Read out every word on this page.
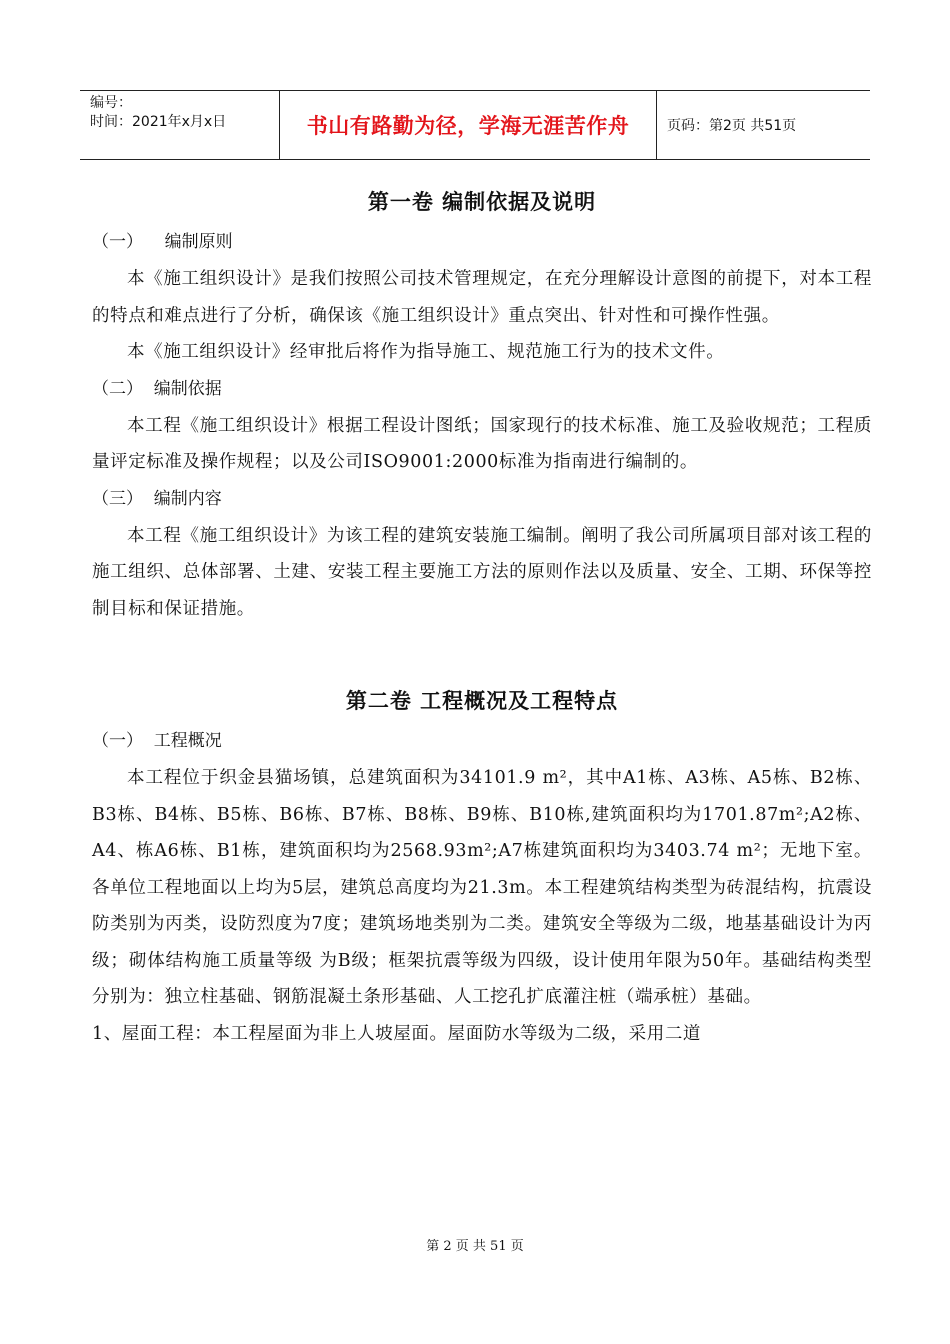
编号：
时间：2021年x月x日	书山有路勤为径，学海无涯苦作舟	页码：第2页 共51页
第一卷 编制依据及说明

（一）    编制原则

本《施工组织设计》是我们按照公司技术管理规定，在充分理解设计意图的前提下，对本工程的特点和难点进行了分析，确保该《施工组织设计》重点突出、针对性和可操作性强。

本《施工组织设计》经审批后将作为指导施工、规范施工行为的技术文件。

（二）  编制依据

本工程《施工组织设计》根据工程设计图纸；国家现行的技术标准、施工及验收规范；工程质量评定标准及操作规程；以及公司ISO9001:2000标准为指南进行编制的。

（三）  编制内容

本工程《施工组织设计》为该工程的建筑安装施工编制。阐明了我公司所属项目部对该工程的施工组织、总体部署、土建、安装工程主要施工方法的原则作法以及质量、安全、工期、环保等控制目标和保证措施。

第二卷 工程概况及工程特点

（一）  工程概况

本工程位于织金县猫场镇，总建筑面积为34101.9 m²，其中A1栋、A3栋、A5栋、B2栋、B3栋、B4栋、B5栋、B6栋、B7栋、B8栋、B9栋、B10栋,建筑面积均为1701.87m²;A2栋、A4、栋A6栋、B1栋，建筑面积均为2568.93m²;A7栋建筑面积均为3403.74 m²；无地下室。各单位工程地面以上均为5层，建筑总高度均为21.3m。本工程建筑结构类型为砖混结构，抗震设防类别为丙类，设防烈度为7度；建筑场地类别为二类。建筑安全等级为二级，地基基础设计为丙级；砌体结构施工质量等级 为B级；框架抗震等级为四级，设计使用年限为50年。基础结构类型分别为：独立柱基础、钢筋混凝土条形基础、人工挖孔扩底灌注桩（端承桩）基础。

1、屋面工程：本工程屋面为非上人坡屋面。屋面防水等级为二级，采用二道

第 2 页 共 51 页
